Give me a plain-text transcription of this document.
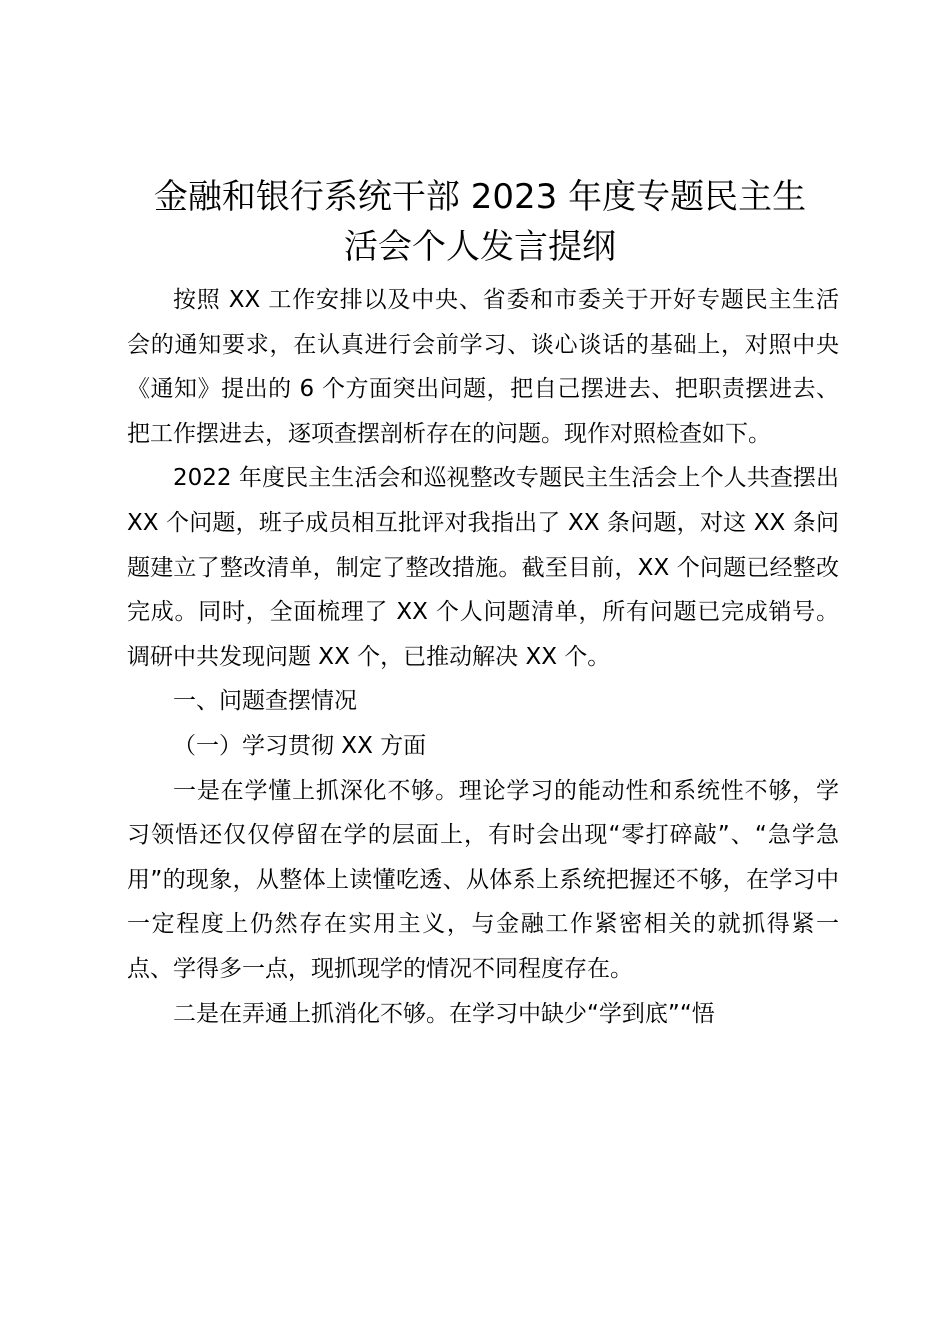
金融和银行系统干部 2023 年度专题民主生
活会个人发言提纲

按照 XX 工作安排以及中央、省委和市委关于开好专题民主生活会的通知要求，在认真进行会前学习、谈心谈话的基础上，对照中央《通知》提出的 6 个方面突出问题，把自己摆进去、把职责摆进去、把工作摆进去，逐项查摆剖析存在的问题。现作对照检查如下。

2022 年度民主生活会和巡视整改专题民主生活会上个人共查摆出 XX 个问题，班子成员相互批评对我指出了 XX 条问题，对这 XX 条问题建立了整改清单，制定了整改措施。截至目前，XX 个问题已经整改完成。同时，全面梳理了 XX 个人问题清单，所有问题已完成销号。调研中共发现问题 XX 个，已推动解决 XX 个。

一、问题查摆情况

（一）学习贯彻 XX 方面

一是在学懂上抓深化不够。理论学习的能动性和系统性不够，学习领悟还仅仅停留在学的层面上，有时会出现“零打碎敲”、“急学急用”的现象，从整体上读懂吃透、从体系上系统把握还不够，在学习中一定程度上仍然存在实用主义，与金融工作紧密相关的就抓得紧一点、学得多一点，现抓现学的情况不同程度存在。

二是在弄通上抓消化不够。在学习中缺少“学到底”“悟
